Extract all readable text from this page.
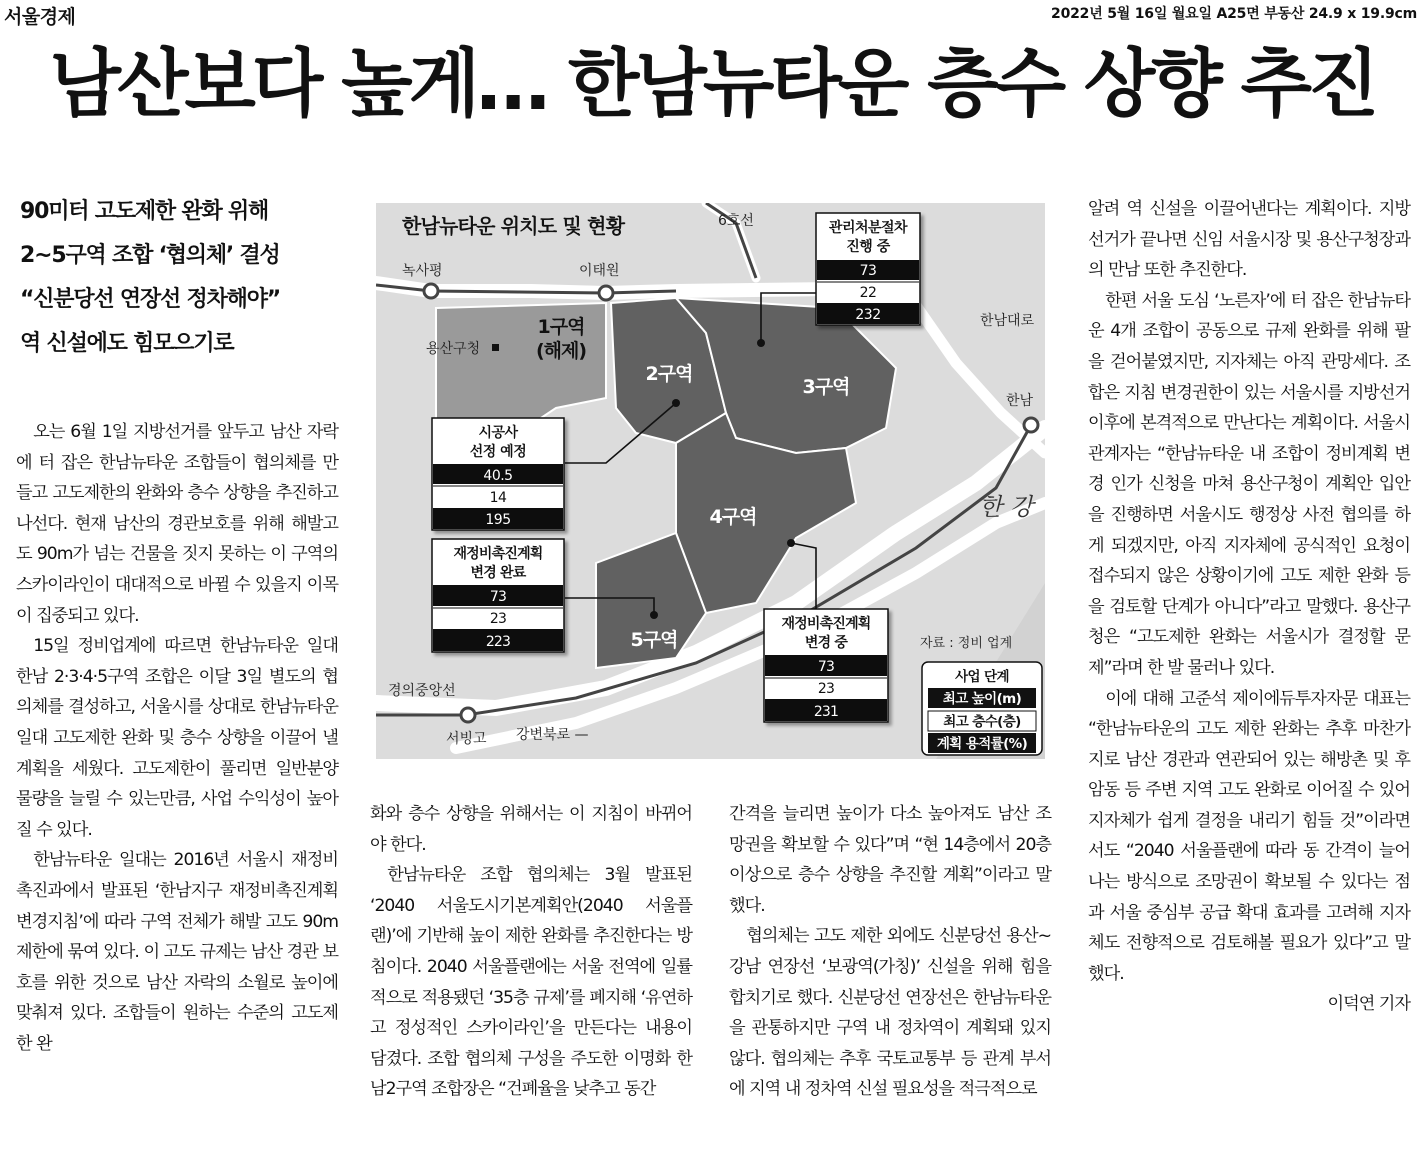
서울경제	2022년 5월 16일 월요일 A25면 부동산 24.9 x 19.9cm
남산보다 높게… 한남뉴타운 층수 상향 추진
90미터 고도제한 완화 위해
2~5구역 조합 ‘협의체’ 결성
“신분당선 연장선 정차해야”
역 신설에도 힘모으기로

오는 6월 1일 지방선거를 앞두고 남산 자락에 터 잡은 한남뉴타운 조합들이 협의체를 만들고 고도제한의 완화와 층수 상향을 추진하고 나선다. 현재 남산의 경관보호를 위해 해발고도 90m가 넘는 건물을 짓지 못하는 이 구역의 스카이라인이 대대적으로 바뀔 수 있을지 이목이 집중되고 있다.

15일 정비업계에 따르면 한남뉴타운 일대 한남 2·3·4·5구역 조합은 이달 3일 별도의 협의체를 결성하고, 서울시를 상대로 한남뉴타운 일대 고도제한 완화 및 층수 상향을 이끌어 낼 계획을 세웠다. 고도제한이 풀리면 일반분양 물량을 늘릴 수 있는만큼, 사업 수익성이 높아질 수 있다.

한남뉴타운 일대는 2016년 서울시 재정비촉진과에서 발표된 ‘한남지구 재정비촉진계획 변경지침’에 따라 구역 전체가 해발 고도 90m 제한에 묶여 있다. 이 고도 규제는 남산 경관 보호를 위한 것으로 남산 자락의 소월로 높이에 맞춰져 있다. 조합들이 원하는 수준의 고도제한 완

화와 층수 상향을 위해서는 이 지침이 바뀌어야 한다.

한남뉴타운 조합 협의체는 3월 발표된 ‘2040 서울도시기본계획안(2040 서울플랜)’에 기반해 높이 제한 완화를 추진한다는 방침이다. 2040 서울플랜에는 서울 전역에 일률적으로 적용됐던 ‘35층 규제’를 폐지해 ‘유연하고 정성적인 스카이라인’을 만든다는 내용이 담겼다. 조합 협의체 구성을 주도한 이명화 한남2구역 조합장은 “건폐율을 낮추고 동간

간격을 늘리면 높이가 다소 높아져도 남산 조망권을 확보할 수 있다”며 “현 14층에서 20층 이상으로 층수 상향을 추진할 계획”이라고 말했다.

협의체는 고도 제한 외에도 신분당선 용산~강남 연장선 ‘보광역(가칭)’ 신설을 위해 힘을 합치기로 했다. 신분당선 연장선은 한남뉴타운을 관통하지만 구역 내 정차역이 계획돼 있지 않다. 협의체는 추후 국토교통부 등 관계 부서에 지역 내 정차역 신설 필요성을 적극적으로

알려 역 신설을 이끌어낸다는 계획이다. 지방선거가 끝나면 신임 서울시장 및 용산구청장과의 만남 또한 추진한다.

한편 서울 도심 ‘노른자’에 터 잡은 한남뉴타운 4개 조합이 공동으로 규제 완화를 위해 팔을 걷어붙였지만, 지자체는 아직 관망세다. 조합은 지침 변경권한이 있는 서울시를 지방선거 이후에 본격적으로 만난다는 계획이다. 서울시 관계자는 “한남뉴타운 내 조합이 정비계획 변경 인가 신청을 마쳐 용산구청이 계획안 입안을 진행하면 서울시도 행정상 사전 협의를 하게 되겠지만, 아직 지자체에 공식적인 요청이 접수되지 않은 상황이기에 고도 제한 완화 등을 검토할 단계가 아니다”라고 말했다. 용산구청은 “고도제한 완화는 서울시가 결정할 문제”라며 한 발 물러나 있다.

이에 대해 고준석 제이에듀투자자문 대표는 “한남뉴타운의 고도 제한 완화는 추후 마찬가지로 남산 경관과 연관되어 있는 해방촌 및 후암동 등 주변 지역 고도 완화로 이어질 수 있어 지자체가 쉽게 결정을 내리기 힘들 것”이라면서도 “2040 서울플랜에 따라 동 간격이 늘어나는 방식으로 조망권이 확보될 수 있다는 점과 서울 중심부 공급 확대 효과를 고려해 지자체도 전향적으로 검토해볼 필요가 있다”고 말했다.

이덕연 기자

한남뉴타운 위치도 및 현황	6호선
녹사평	이태원
용산구청
한남대로
한남
경의중앙선
서빙고 강변북로 —
한 강
자료 : 정비 업계
1구역
(해제)
2구역
3구역
4구역
5구역
관리처분절차
진행 중
73
22
232
시공사
선정 예정
40.5
14
195
재정비촉진계획
변경 완료
73
23
223
재정비촉진계획
변경 중
73
23
231
사업 단계
최고 높이(m)
최고 층수(층)
계획 용적률(%)
